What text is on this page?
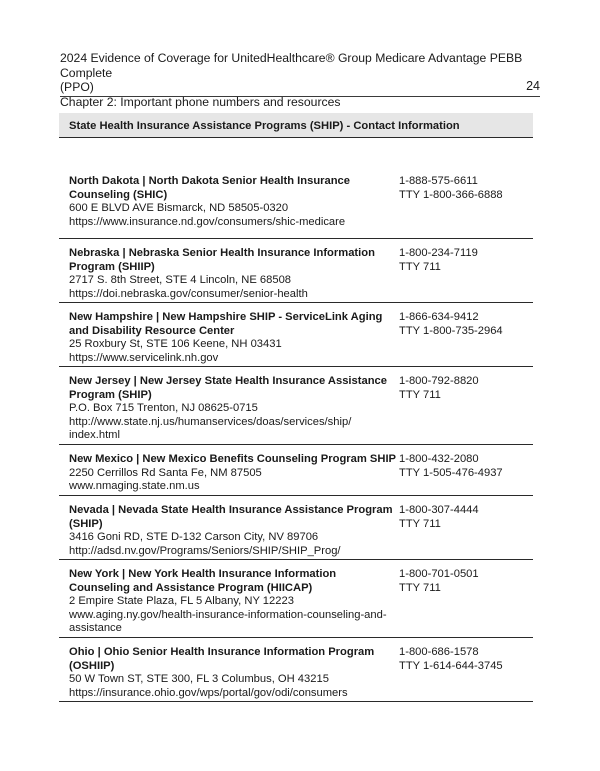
2024 Evidence of Coverage for UnitedHealthcare® Group Medicare Advantage PEBB Complete
(PPO)
Chapter 2: Important phone numbers and resources
24
State Health Insurance Assistance Programs (SHIP) - Contact Information
North Dakota | North Dakota Senior Health Insurance Counseling (SHIC)
600 E BLVD AVE Bismarck, ND 58505-0320
https://www.insurance.nd.gov/consumers/shic-medicare
1-888-575-6611
TTY 1-800-366-6888
Nebraska | Nebraska Senior Health Insurance Information Program (SHIIP)
2717 S. 8th Street, STE 4 Lincoln, NE 68508
https://doi.nebraska.gov/consumer/senior-health
1-800-234-7119
TTY 711
New Hampshire | New Hampshire SHIP - ServiceLink Aging and Disability Resource Center
25 Roxbury St, STE 106 Keene, NH 03431
https://www.servicelink.nh.gov
1-866-634-9412
TTY 1-800-735-2964
New Jersey | New Jersey State Health Insurance Assistance Program (SHIP)
P.O. Box 715 Trenton, NJ 08625-0715
http://www.state.nj.us/humanservices/doas/services/ship/ index.html
1-800-792-8820
TTY 711
New Mexico | New Mexico Benefits Counseling Program SHIP
2250 Cerrillos Rd Santa Fe, NM 87505
www.nmaging.state.nm.us
1-800-432-2080
TTY 1-505-476-4937
Nevada | Nevada State Health Insurance Assistance Program (SHIP)
3416 Goni RD, STE D-132 Carson City, NV 89706
http://adsd.nv.gov/Programs/Seniors/SHIP/SHIP_Prog/
1-800-307-4444
TTY 711
New York | New York Health Insurance Information Counseling and Assistance Program (HIICAP)
2 Empire State Plaza, FL 5 Albany, NY 12223
www.aging.ny.gov/health-insurance-information-counseling-and-assistance
1-800-701-0501
TTY 711
Ohio | Ohio Senior Health Insurance Information Program (OSHIIP)
50 W Town ST, STE 300, FL 3 Columbus, OH 43215
https://insurance.ohio.gov/wps/portal/gov/odi/consumers
1-800-686-1578
TTY 1-614-644-3745
